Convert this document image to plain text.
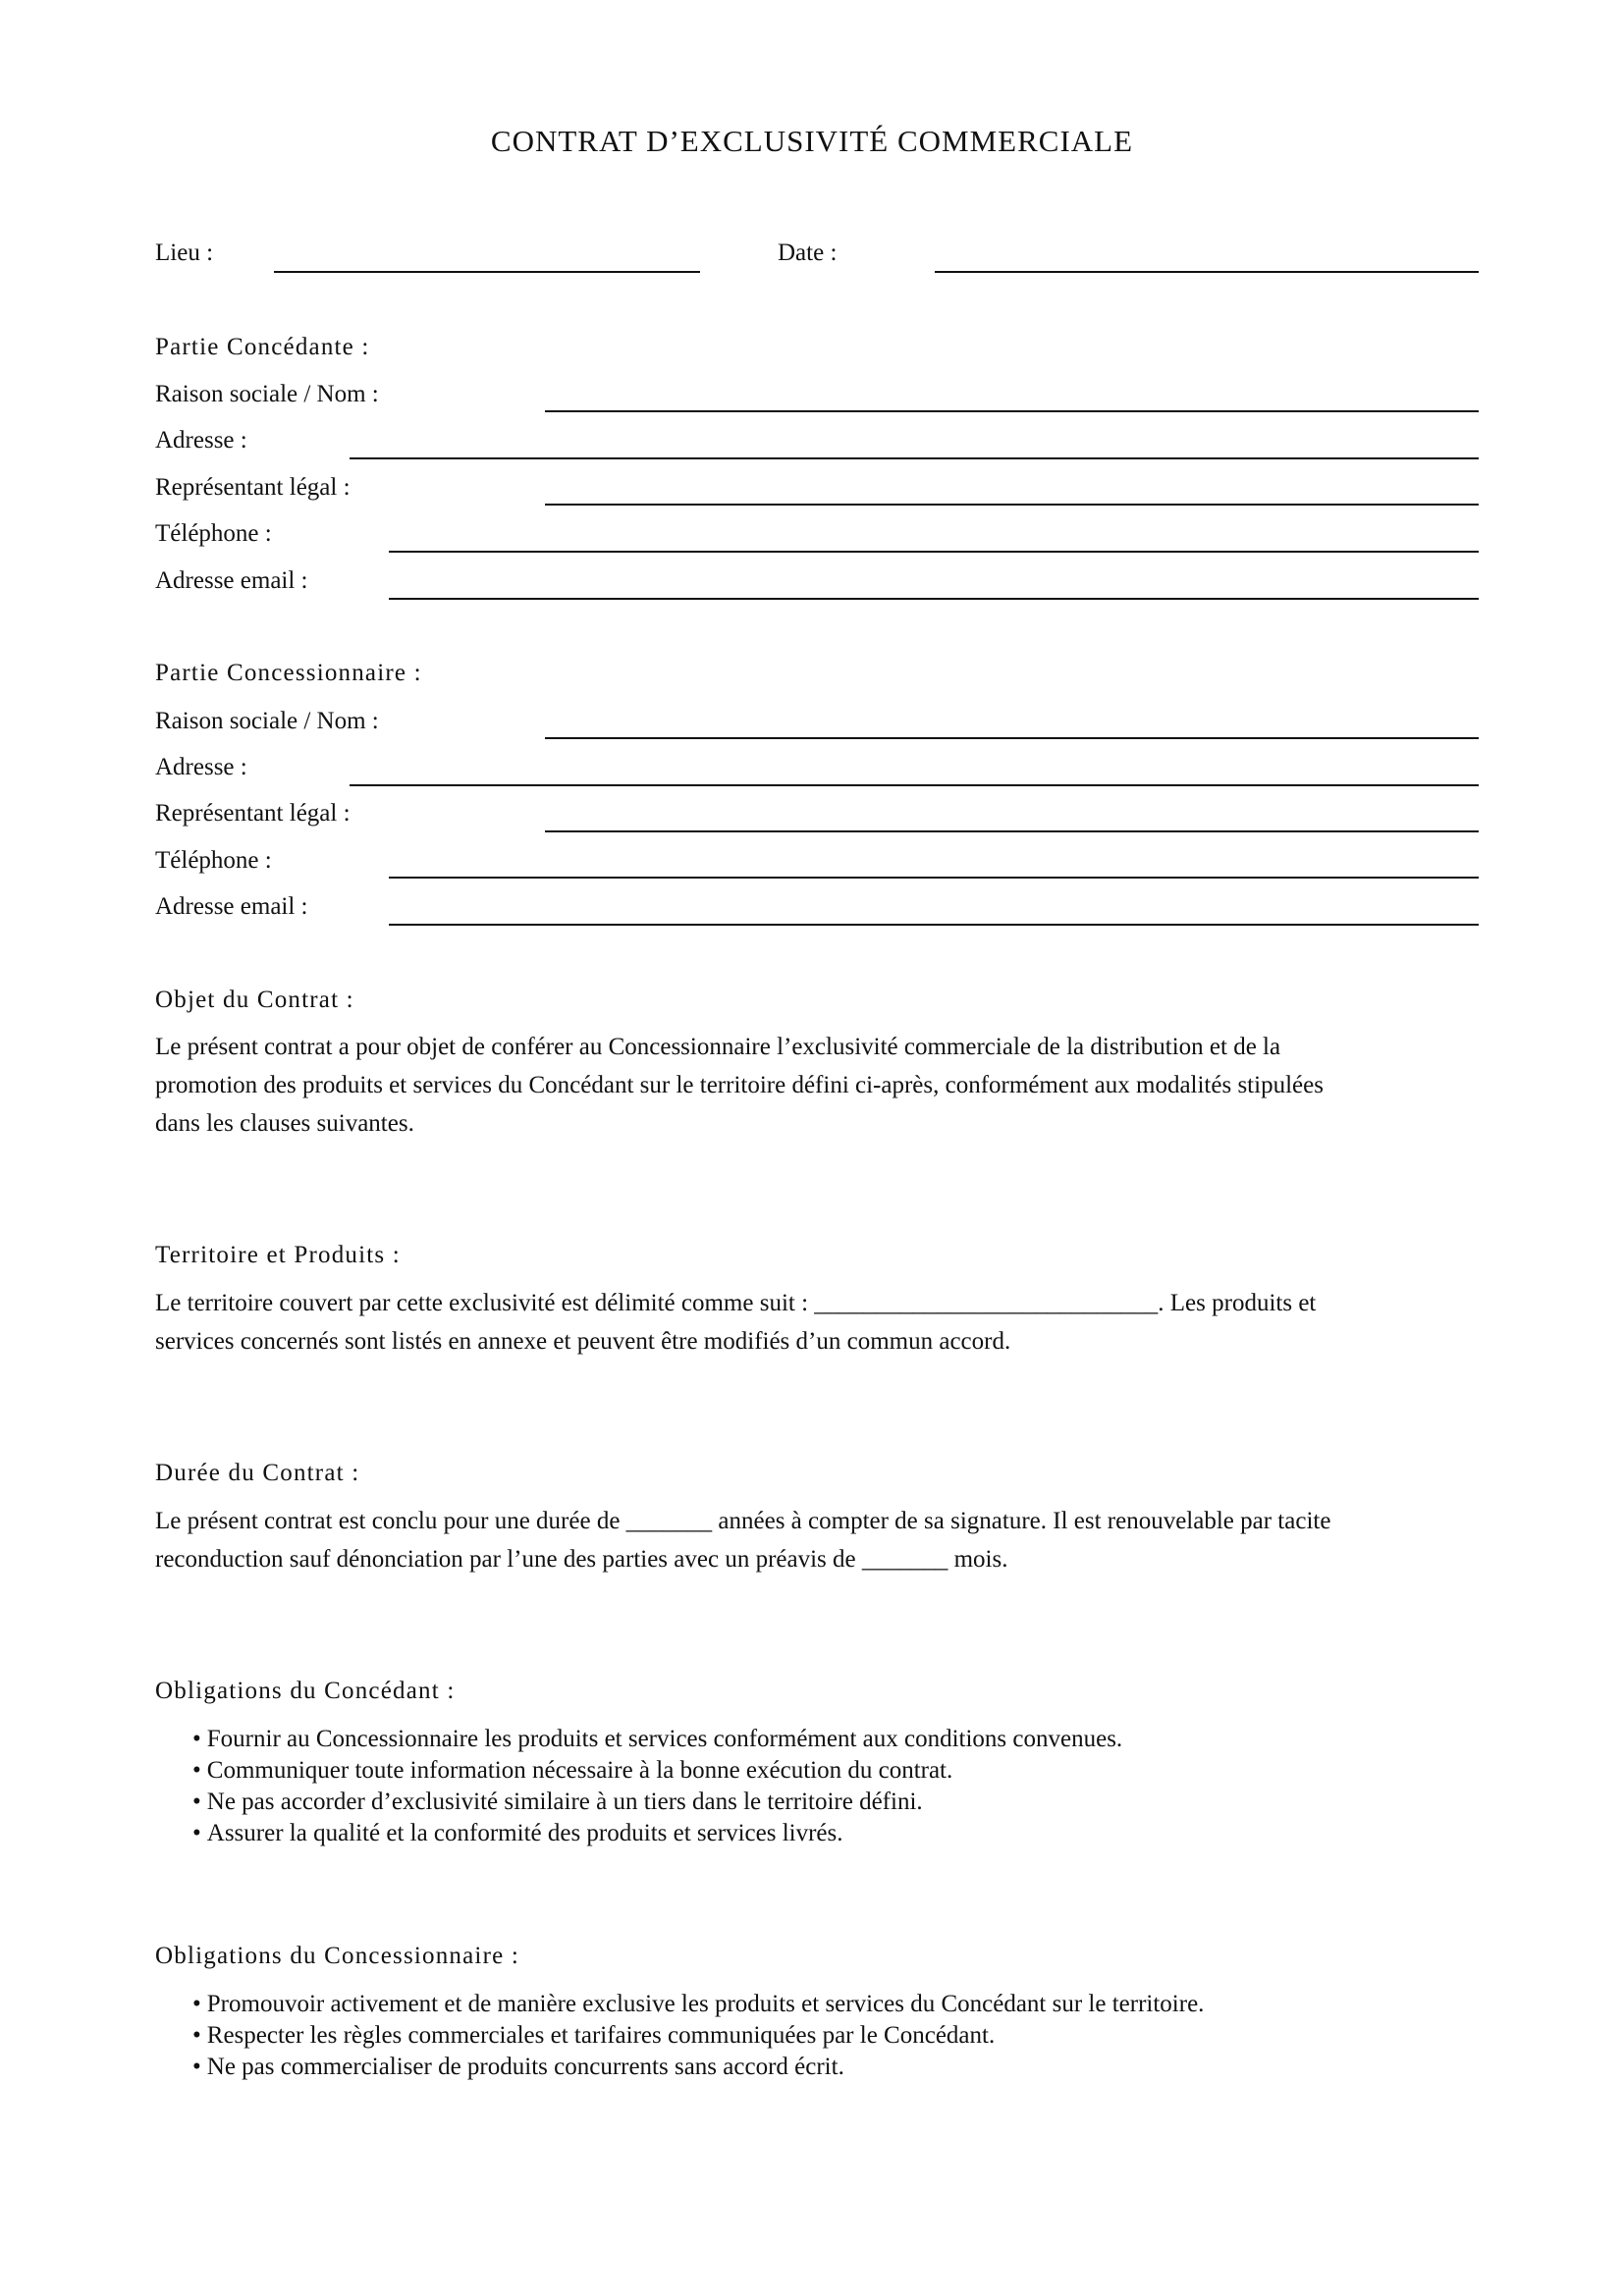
CONTRAT D’EXCLUSIVITÉ COMMERCIALE
Lieu :	Date :
Partie Concédante :
Raison sociale / Nom :
Adresse :
Représentant légal :
Téléphone :
Adresse email :
Partie Concessionnaire :
Raison sociale / Nom :
Adresse :
Représentant légal :
Téléphone :
Adresse email :
Objet du Contrat :
Le présent contrat a pour objet de conférer au Concessionnaire l’exclusivité commerciale de la distribution et de la
promotion des produits et services du Concédant sur le territoire défini ci-après, conformément aux modalités stipulées
dans les clauses suivantes.
Territoire et Produits :
Le territoire couvert par cette exclusivité est délimité comme suit : ____________________________. Les produits et
services concernés sont listés en annexe et peuvent être modifiés d’un commun accord.
Durée du Contrat :
Le présent contrat est conclu pour une durée de _______ années à compter de sa signature. Il est renouvelable par tacite
reconduction sauf dénonciation par l’une des parties avec un préavis de _______ mois.
Obligations du Concédant :
• Fournir au Concessionnaire les produits et services conformément aux conditions convenues.
• Communiquer toute information nécessaire à la bonne exécution du contrat.
• Ne pas accorder d’exclusivité similaire à un tiers dans le territoire défini.
• Assurer la qualité et la conformité des produits et services livrés.
Obligations du Concessionnaire :
• Promouvoir activement et de manière exclusive les produits et services du Concédant sur le territoire.
• Respecter les règles commerciales et tarifaires communiquées par le Concédant.
• Ne pas commercialiser de produits concurrents sans accord écrit.
